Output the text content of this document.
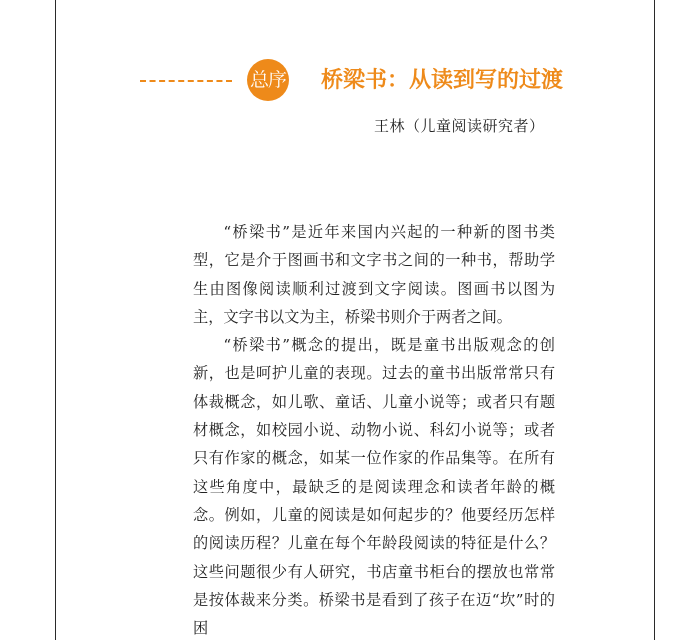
总序 桥梁书：从读到写的过渡
王林（儿童阅读研究者）

“桥梁书”是近年来国内兴起的一种新的图书类型，它是介于图画书和文字书之间的一种书，帮助学生由图像阅读顺利过渡到文字阅读。图画书以图为主，文字书以文为主，桥梁书则介于两者之间。

“桥梁书”概念的提出，既是童书出版观念的创新，也是呵护儿童的表现。过去的童书出版常常只有体裁概念，如儿歌、童话、儿童小说等；或者只有题材概念，如校园小说、动物小说、科幻小说等；或者只有作家的概念，如某一位作家的作品集等。在所有这些角度中，最缺乏的是阅读理念和读者年龄的概念。例如，儿童的阅读是如何起步的？他要经历怎样的阅读历程？儿童在每个年龄段阅读的特征是什么？这些问题很少有人研究，书店童书柜台的摆放也常常是按体裁来分类。桥梁书是看到了孩子在迈“坎”时的困
